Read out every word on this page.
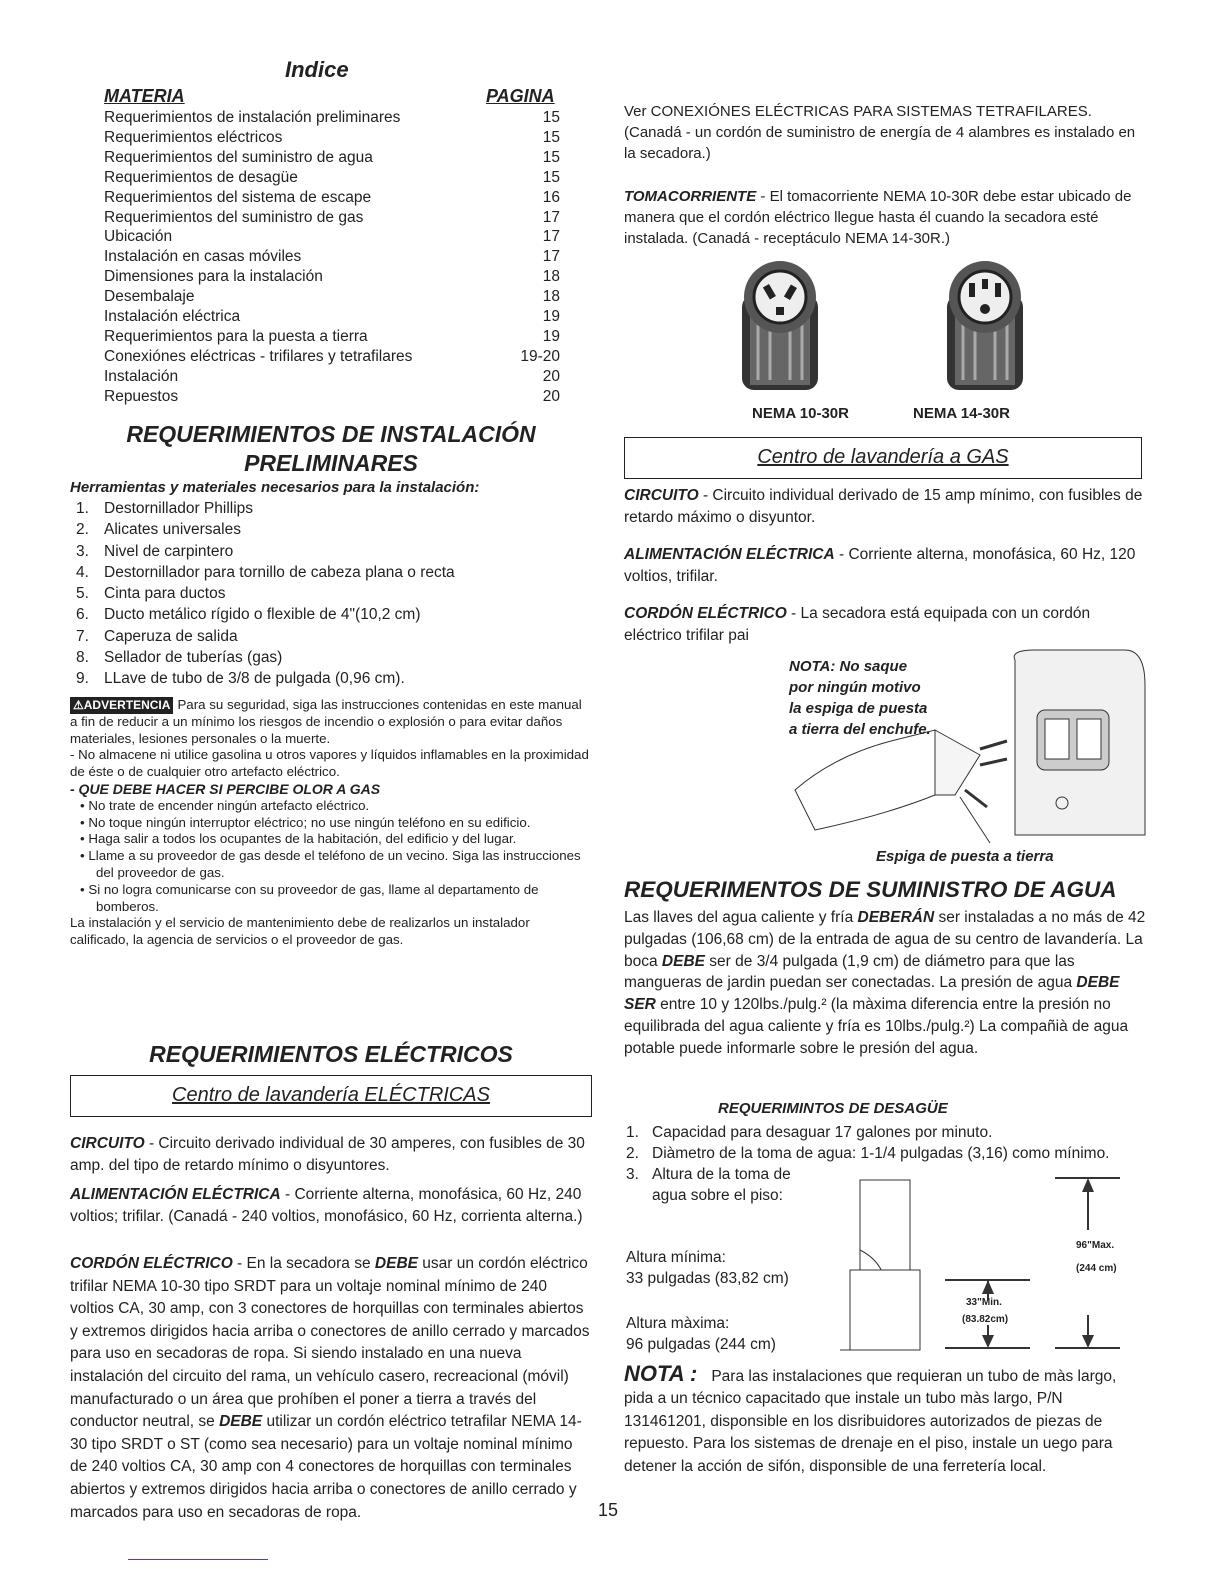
Indice
MATERIA	PAGINA
Requerimientos de instalación preliminares	15
Requerimientos eléctricos	15
Requerimientos del suministro de agua	15
Requerimientos de desagüe	15
Requerimientos del sistema de escape	16
Requerimientos del suministro de gas	17
Ubicación	17
Instalación en casas móviles	17
Dimensiones para la instalación	18
Desembalaje	18
Instalación eléctrica	19
Requerimientos para la puesta a tierra	19
Conexiónes eléctricas - trifilares y tetrafilares	19-20
Instalación	20
Repuestos	20
REQUERIMIENTOS DE INSTALACIÓN
PRELIMINARES
Herramientas y materiales necesarios para la instalación:
1. Destornillador Phillips
2. Alicates universales
3. Nivel de carpintero
4. Destornillador para tornillo de cabeza plana o recta
5. Cinta para ductos
6. Ducto metálico rígido o flexible de 4"(10,2 cm)
7. Caperuza de salida
8. Sellador de tuberías (gas)
9. LLave de tubo de 3/8 de pulgada (0,96 cm).
⚠ADVERTENCIA Para su seguridad, siga las instrucciones contenidas en este manual a fin de reducir a un mínimo los riesgos de incendio o explosión o para evitar daños materiales, lesiones personales o la muerte.
- No almacene ni utilice gasolina u otros vapores y líquidos inflamables en la proximidad de éste o de cualquier otro artefacto eléctrico.
- QUE DEBE HACER SI PERCIBE OLOR A GAS
• No trate de encender ningún artefacto eléctrico.
• No toque ningún interruptor eléctrico; no use ningún teléfono en su edificio.
• Haga salir a todos los ocupantes de la habitación, del edificio y del lugar.
• Llame a su proveedor de gas desde el teléfono de un vecino. Siga las instrucciones del proveedor de gas.
• Si no logra comunicarse con su proveedor de gas, llame al departamento de bomberos.
La instalación y el servicio de mantenimiento debe de realizarlos un instalador calificado, la agencia de servicios o el proveedor de gas.
REQUERIMIENTOS ELÉCTRICOS
Centro de lavandería ELÉCTRICAS
CIRCUITO - Circuito derivado individual de 30 amperes, con fusibles de 30 amp. del tipo de retardo mínimo o disyuntores.
ALIMENTACIÓN ELÉCTRICA - Corriente alterna, monofásica, 60 Hz, 240 voltios; trifilar. (Canadá - 240 voltios, monofásico, 60 Hz, corrienta alterna.)
CORDÓN ELÉCTRICO - En la secadora se DEBE usar un cordón eléctrico trifilar NEMA 10-30 tipo SRDT para un voltaje nominal mínimo de 240 voltios CA, 30 amp, con 3 conectores de horquillas con terminales abiertos y extremos dirigidos hacia arriba o conectores de anillo cerrado y marcados para uso en secadoras de ropa. Si siendo instalado en una nueva instalación del circuito del rama, un vehículo casero, recreacional (móvil) manufacturado o un área que prohíben el poner a tierra a través del conductor neutral, se DEBE utilizar un cordón eléctrico tetrafilar NEMA 14-30 tipo SRDT o ST (como sea necesario) para un voltaje nominal mínimo de 240 voltios CA, 30 amp con 4 conectores de horquillas con terminales abiertos y extremos dirigidos hacia arriba o conectores de anillo cerrado y marcados para uso en secadoras de ropa.
Ver CONEXIÓNES ELÉCTRICAS PARA SISTEMAS TETRAFILARES. (Canadá - un cordón de suministro de energía de 4 alambres es instalado en la secadora.)
TOMACORRIENTE - El tomacorriente NEMA 10-30R debe estar ubicado de manera que el cordón eléctrico llegue hasta él cuando la secadora esté instalada. (Canadá - receptáculo NEMA 14-30R.)
NEMA 10-30R	NEMA 14-30R
Centro de lavandería a GAS
CIRCUITO - Circuito individual derivado de 15 amp mínimo, con fusibles de retardo máximo o disyuntor.
ALIMENTACIÓN ELÉCTRICA - Corriente alterna, monofásica, 60 Hz, 120 voltios, trifilar.
CORDÓN ELÉCTRICO - La secadora está equipada con un cordón eléctrico trifilar pai
NOTA: No saque
por ningún motivo
la espiga de puesta
a tierra del enchufe.
Espiga de puesta a tierra
REQUERIMENTOS DE SUMINISTRO DE AGUA
Las llaves del agua caliente y fría DEBERÁN ser instaladas a no más de 42 pulgadas (106,68 cm) de la entrada de agua de su centro de lavandería. La boca DEBE ser de 3/4 pulgada (1,9 cm) de diámetro para que las mangueras de jardin puedan ser conectadas. La presión de agua DEBE SER entre 10 y 120lbs./pulg.² (la màxima diferencia entre la presión no equilibrada del agua caliente y fría es 10lbs./pulg.²) La compañià de agua potable puede informarle sobre le presión del agua.
REQUERIMINTOS DE DESAGÜE
1. Capacidad para desaguar 17 galones por minuto.
2. Diàmetro de la toma de agua: 1-1/4 pulgadas (3,16) como mínimo.
3. Altura de la toma de
agua sobre el piso:
Altura mínima:
33 pulgadas (83,82 cm)
Altura màxima:
96 pulgadas (244 cm)
96"Max.
(244 cm)
33"Min.
(83.82cm)
NOTA : Para las instalaciones que requieran un tubo de màs largo, pida a un técnico capacitado que instale un tubo màs largo, P/N 131461201, disponsible en los disribuidores autorizados de piezas de repuesto. Para los sistemas de drenaje en el piso, instale un uego para detener la acción de sifón, disponsible de una ferretería local.
15
